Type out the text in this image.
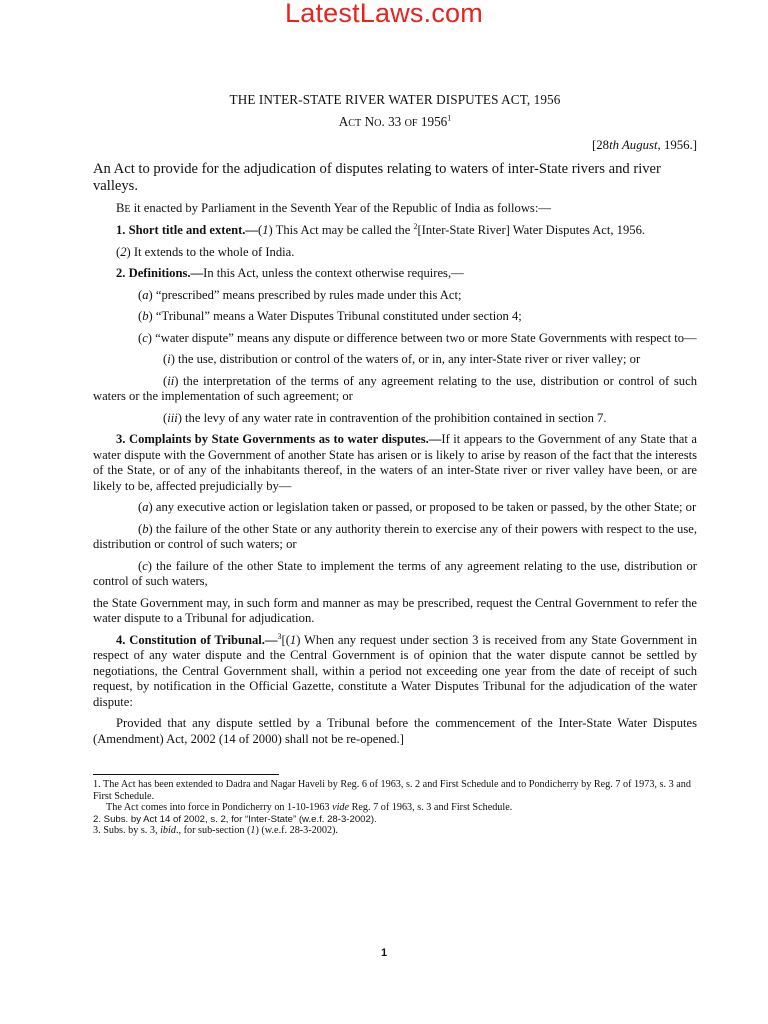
LatestLaws.com

THE INTER-STATE RIVER WATER DISPUTES ACT, 1956

ACT NO. 33 OF 1956$^1$

[28th August, 1956.]

An Act to provide for the adjudication of disputes relating to waters of inter-State rivers and river valleys.

BE it enacted by Parliament in the Seventh Year of the Republic of India as follows:—

1. Short title and extent.—(1) This Act may be called the $^2$[Inter-State River] Water Disputes Act, 1956.

(2) It extends to the whole of India.

2. Definitions.—In this Act, unless the context otherwise requires,—

(a) “prescribed” means prescribed by rules made under this Act;

(b) “Tribunal” means a Water Disputes Tribunal constituted under section 4;

(c) “water dispute” means any dispute or difference between two or more State Governments with respect to—

(i) the use, distribution or control of the waters of, or in, any inter-State river or river valley; or

(ii) the interpretation of the terms of any agreement relating to the use, distribution or control of such waters or the implementation of such agreement; or

(iii) the levy of any water rate in contravention of the prohibition contained in section 7.

3. Complaints by State Governments as to water disputes.—If it appears to the Government of any State that a water dispute with the Government of another State has arisen or is likely to arise by reason of the fact that the interests of the State, or of any of the inhabitants thereof, in the waters of an inter-State river or river valley have been, or are likely to be, affected prejudicially by—

(a) any executive action or legislation taken or passed, or proposed to be taken or passed, by the other State; or

(b) the failure of the other State or any authority therein to exercise any of their powers with respect to the use, distribution or control of such waters; or

(c) the failure of the other State to implement the terms of any agreement relating to the use, distribution or control of such waters,

the State Government may, in such form and manner as may be prescribed, request the Central Government to refer the water dispute to a Tribunal for adjudication.

4. Constitution of Tribunal.—$^3$[(1) When any request under section 3 is received from any State Government in respect of any water dispute and the Central Government is of opinion that the water dispute cannot be settled by negotiations, the Central Government shall, within a period not exceeding one year from the date of receipt of such request, by notification in the Official Gazette, constitute a Water Disputes Tribunal for the adjudication of the water dispute:

Provided that any dispute settled by a Tribunal before the commencement of the Inter-State Water Disputes (Amendment) Act, 2002 (14 of 2000) shall not be re-opened.]

1. The Act has been extended to Dadra and Nagar Haveli by Reg. 6 of 1963, s. 2 and First Schedule and to Pondicherry by Reg. 7 of 1973, s. 3 and First Schedule.

The Act comes into force in Pondicherry on 1-10-1963 vide Reg. 7 of 1963, s. 3 and First Schedule.

2. Subs. by Act 14 of 2002, s. 2, for “Inter-State” (w.e.f. 28-3-2002).

3. Subs. by s. 3, ibid., for sub-section (1) (w.e.f. 28-3-2002).

1
